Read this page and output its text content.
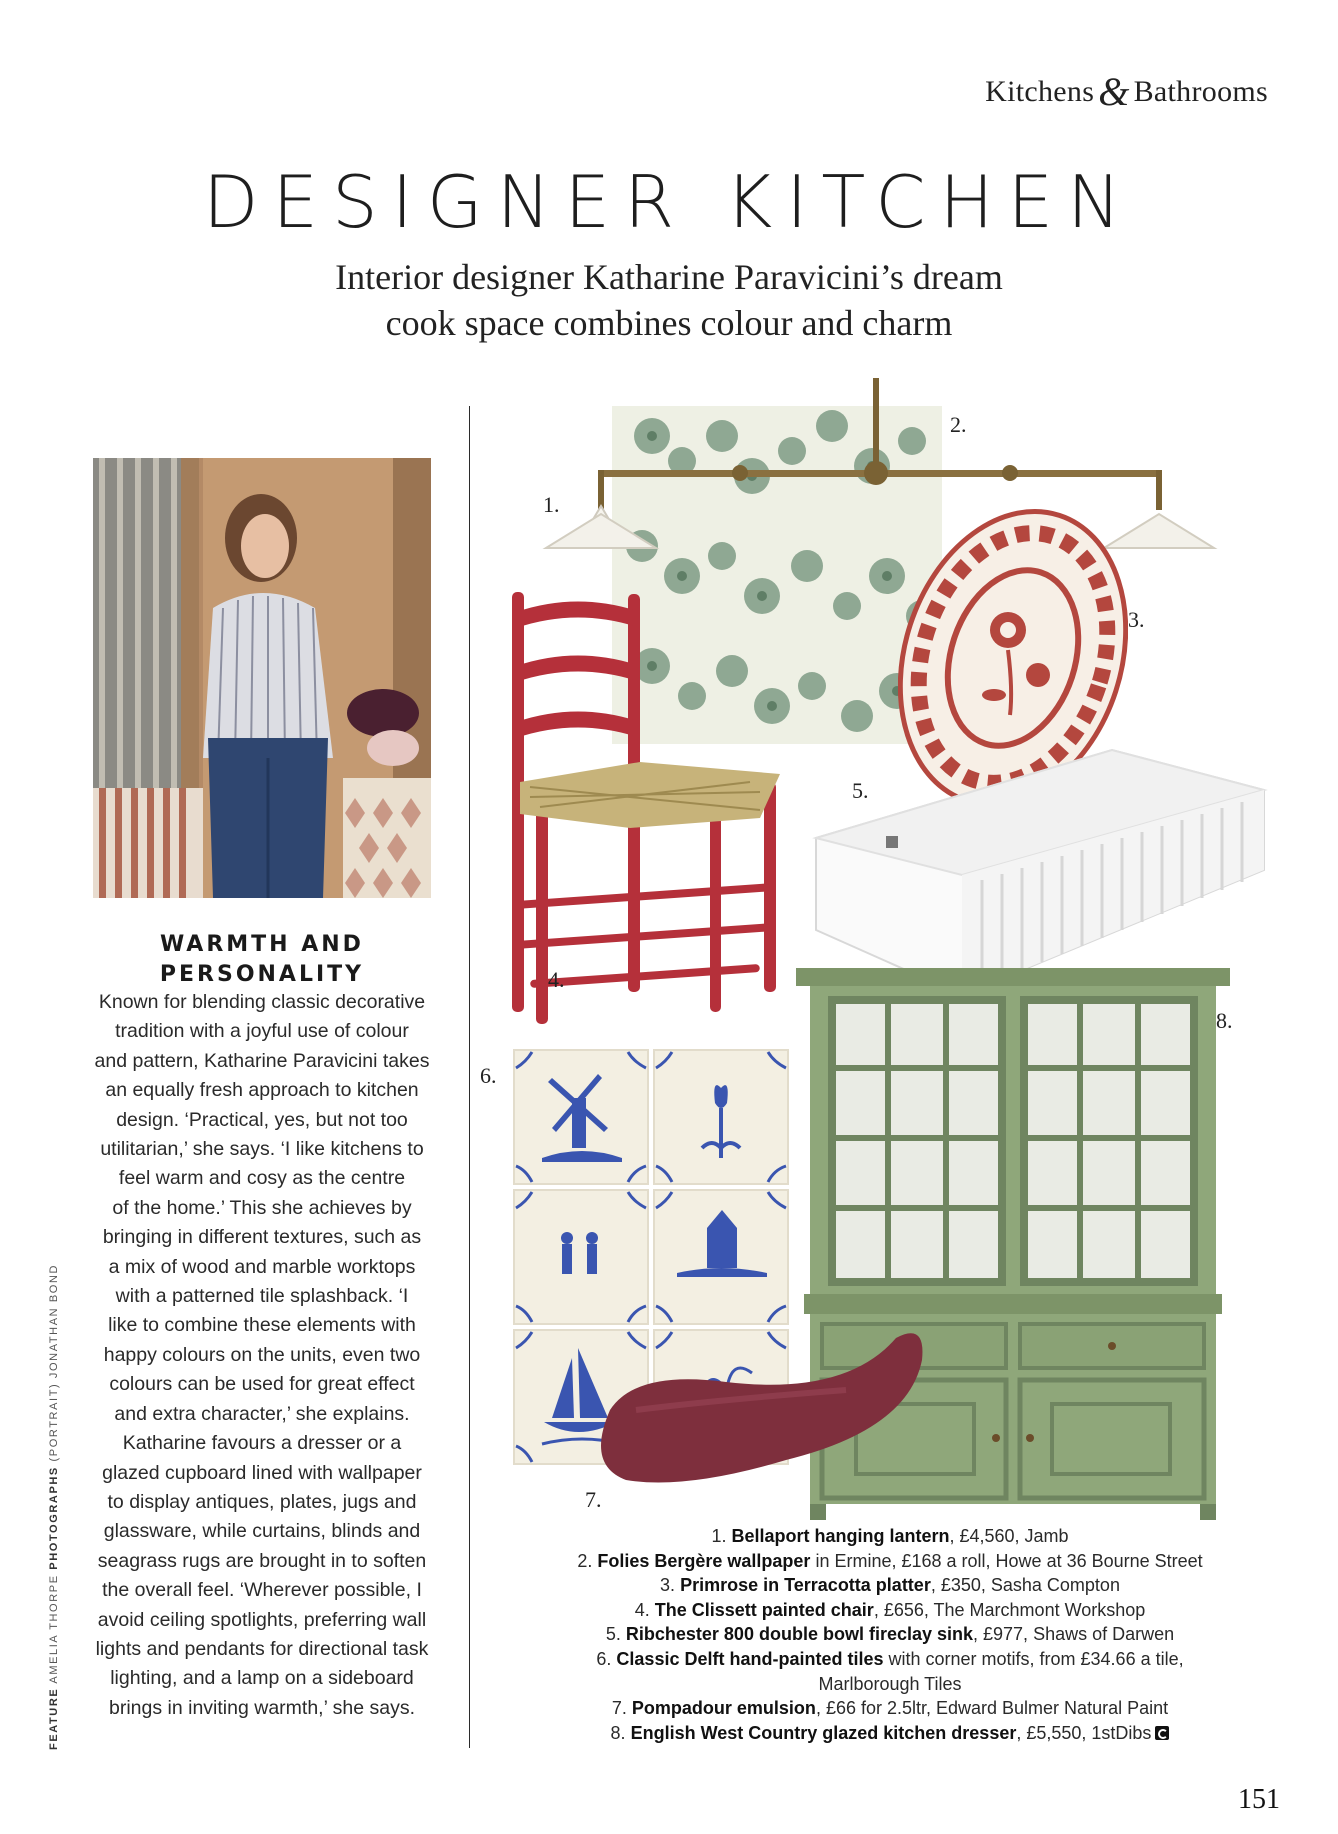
Kitchens & Bathrooms
DESIGNER KITCHEN
Interior designer Katharine Paravicini’s dream
cook space combines colour and charm
WARMTH AND
PERSONALITY
Known for blending classic decorative
tradition with a joyful use of colour
and pattern, Katharine Paravicini takes
an equally fresh approach to kitchen
design. ‘Practical, yes, but not too
utilitarian,’ she says. ‘I like kitchens to
feel warm and cosy as the centre
of the home.’ This she achieves by
bringing in different textures, such as
a mix of wood and marble worktops
with a patterned tile splashback. ‘I
like to combine these elements with
happy colours on the units, even two
colours can be used for great effect
and extra character,’ she explains.
Katharine favours a dresser or a
glazed cupboard lined with wallpaper
to display antiques, plates, jugs and
glassware, while curtains, blinds and
seagrass rugs are brought in to soften
the overall feel. ‘Wherever possible, I
avoid ceiling spotlights, preferring wall
lights and pendants for directional task
lighting, and a lamp on a sideboard
brings in inviting warmth,’ she says.
FEATURE AMELIA THORPE PHOTOGRAPHS (PORTRAIT) JONATHAN BOND
1.
2.
3.
4.
5.
6.
7.
8.
1. Bellaport hanging lantern, £4,560, Jamb
2. Folies Bergère wallpaper in Ermine, £168 a roll, Howe at 36 Bourne Street
3. Primrose in Terracotta platter, £350, Sasha Compton
4. The Clissett painted chair, £656, The Marchmont Workshop
5. Ribchester 800 double bowl fireclay sink, £977, Shaws of Darwen
6. Classic Delft hand-painted tiles with corner motifs, from £34.66 a tile,
Marlborough Tiles
7. Pompadour emulsion, £66 for 2.5ltr, Edward Bulmer Natural Paint
8. English West Country glazed kitchen dresser, £5,550, 1stDibs
151
